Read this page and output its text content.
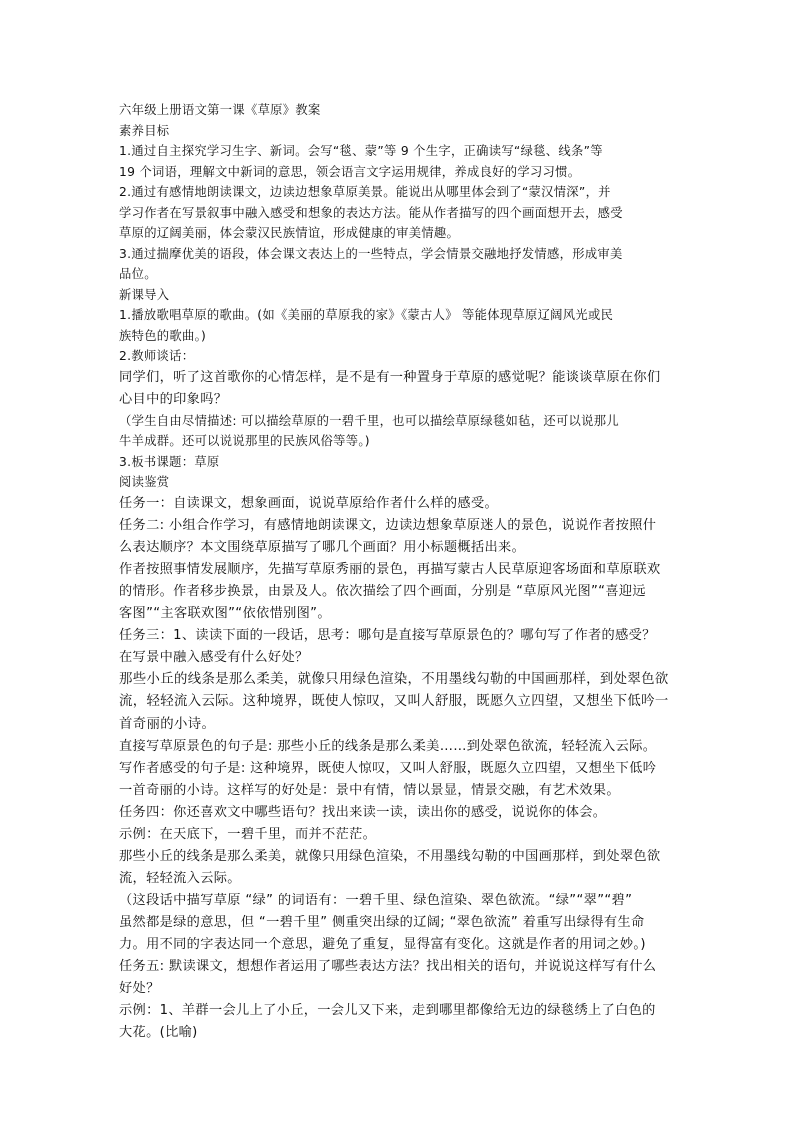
六年级上册语文第一课《草原》教案

素养目标

1.通过自主探究学习生字、新词。会写“毯、蒙”等 9 个生字，正确读写“绿毯、线条”等

19 个词语，理解文中新词的意思，领会语言文字运用规律，养成良好的学习习惯。

2.通过有感情地朗读课文，边读边想象草原美景。能说出从哪里体会到了“蒙汉情深”，并

学习作者在写景叙事中融入感受和想象的表达方法。能从作者描写的四个画面想开去，感受

草原的辽阔美丽，体会蒙汉民族情谊，形成健康的审美情趣。

3.通过揣摩优美的语段，体会课文表达上的一些特点，学会情景交融地抒发情感，形成审美

品位。

新课导入

1.播放歌唱草原的歌曲。(如《美丽的草原我的家》《蒙古人》 等能体现草原辽阔风光或民

族特色的歌曲。)

2.教师谈话：

同学们，听了这首歌你的心情怎样，是不是有一种置身于草原的感觉呢？能谈谈草原在你们

心目中的印象吗？

（学生自由尽情描述: 可以描绘草原的一碧千里，也可以描绘草原绿毯如毡，还可以说那儿

牛羊成群。还可以说说那里的民族风俗等等。)

3.板书课题：草原

阅读鉴赏

任务一：自读课文，想象画面，说说草原给作者什么样的感受。

任务二: 小组合作学习，有感情地朗读课文，边读边想象草原迷人的景色，说说作者按照什

么表达顺序？本文围绕草原描写了哪几个画面？用小标题概括出来。

作者按照事情发展顺序，先描写草原秀丽的景色，再描写蒙古人民草原迎客场面和草原联欢

的情形。作者移步换景，由景及人。依次描绘了四个画面，分别是 “草原风光图”“喜迎远

客图”“主客联欢图”“依依惜别图”。

任务三：1、读读下面的一段话，思考：哪句是直接写草原景色的？哪句写了作者的感受？

在写景中融入感受有什么好处？

那些小丘的线条是那么柔美，就像只用绿色渲染，不用墨线勾勒的中国画那样，到处翠色欲

流，轻轻流入云际。这种境界，既使人惊叹，又叫人舒服，既愿久立四望，又想坐下低吟一

首奇丽的小诗。

直接写草原景色的句子是: 那些小丘的线条是那么柔美……到处翠色欲流，轻轻流入云际。

写作者感受的句子是: 这种境界，既使人惊叹，又叫人舒服，既愿久立四望，又想坐下低吟

一首奇丽的小诗。这样写的好处是：景中有情，情以景显，情景交融，有艺术效果。

任务四：你还喜欢文中哪些语句？找出来读一读，读出你的感受，说说你的体会。

示例：在天底下，一碧千里，而并不茫茫。

那些小丘的线条是那么柔美，就像只用绿色渲染，不用墨线勾勒的中国画那样，到处翠色欲

流，轻轻流入云际。

（这段话中描写草原 “绿” 的词语有：一碧千里、绿色渲染、翠色欲流。“绿”“翠”“碧”

虽然都是绿的意思，但 “一碧千里” 侧重突出绿的辽阔; “翠色欲流” 着重写出绿得有生命

力。用不同的字表达同一个意思，避免了重复，显得富有变化。这就是作者的用词之妙。)

任务五: 默读课文，想想作者运用了哪些表达方法？找出相关的语句，并说说这样写有什么

好处？

示例：1、羊群一会儿上了小丘，一会儿又下来，走到哪里都像给无边的绿毯绣上了白色的

大花。(比喻)
